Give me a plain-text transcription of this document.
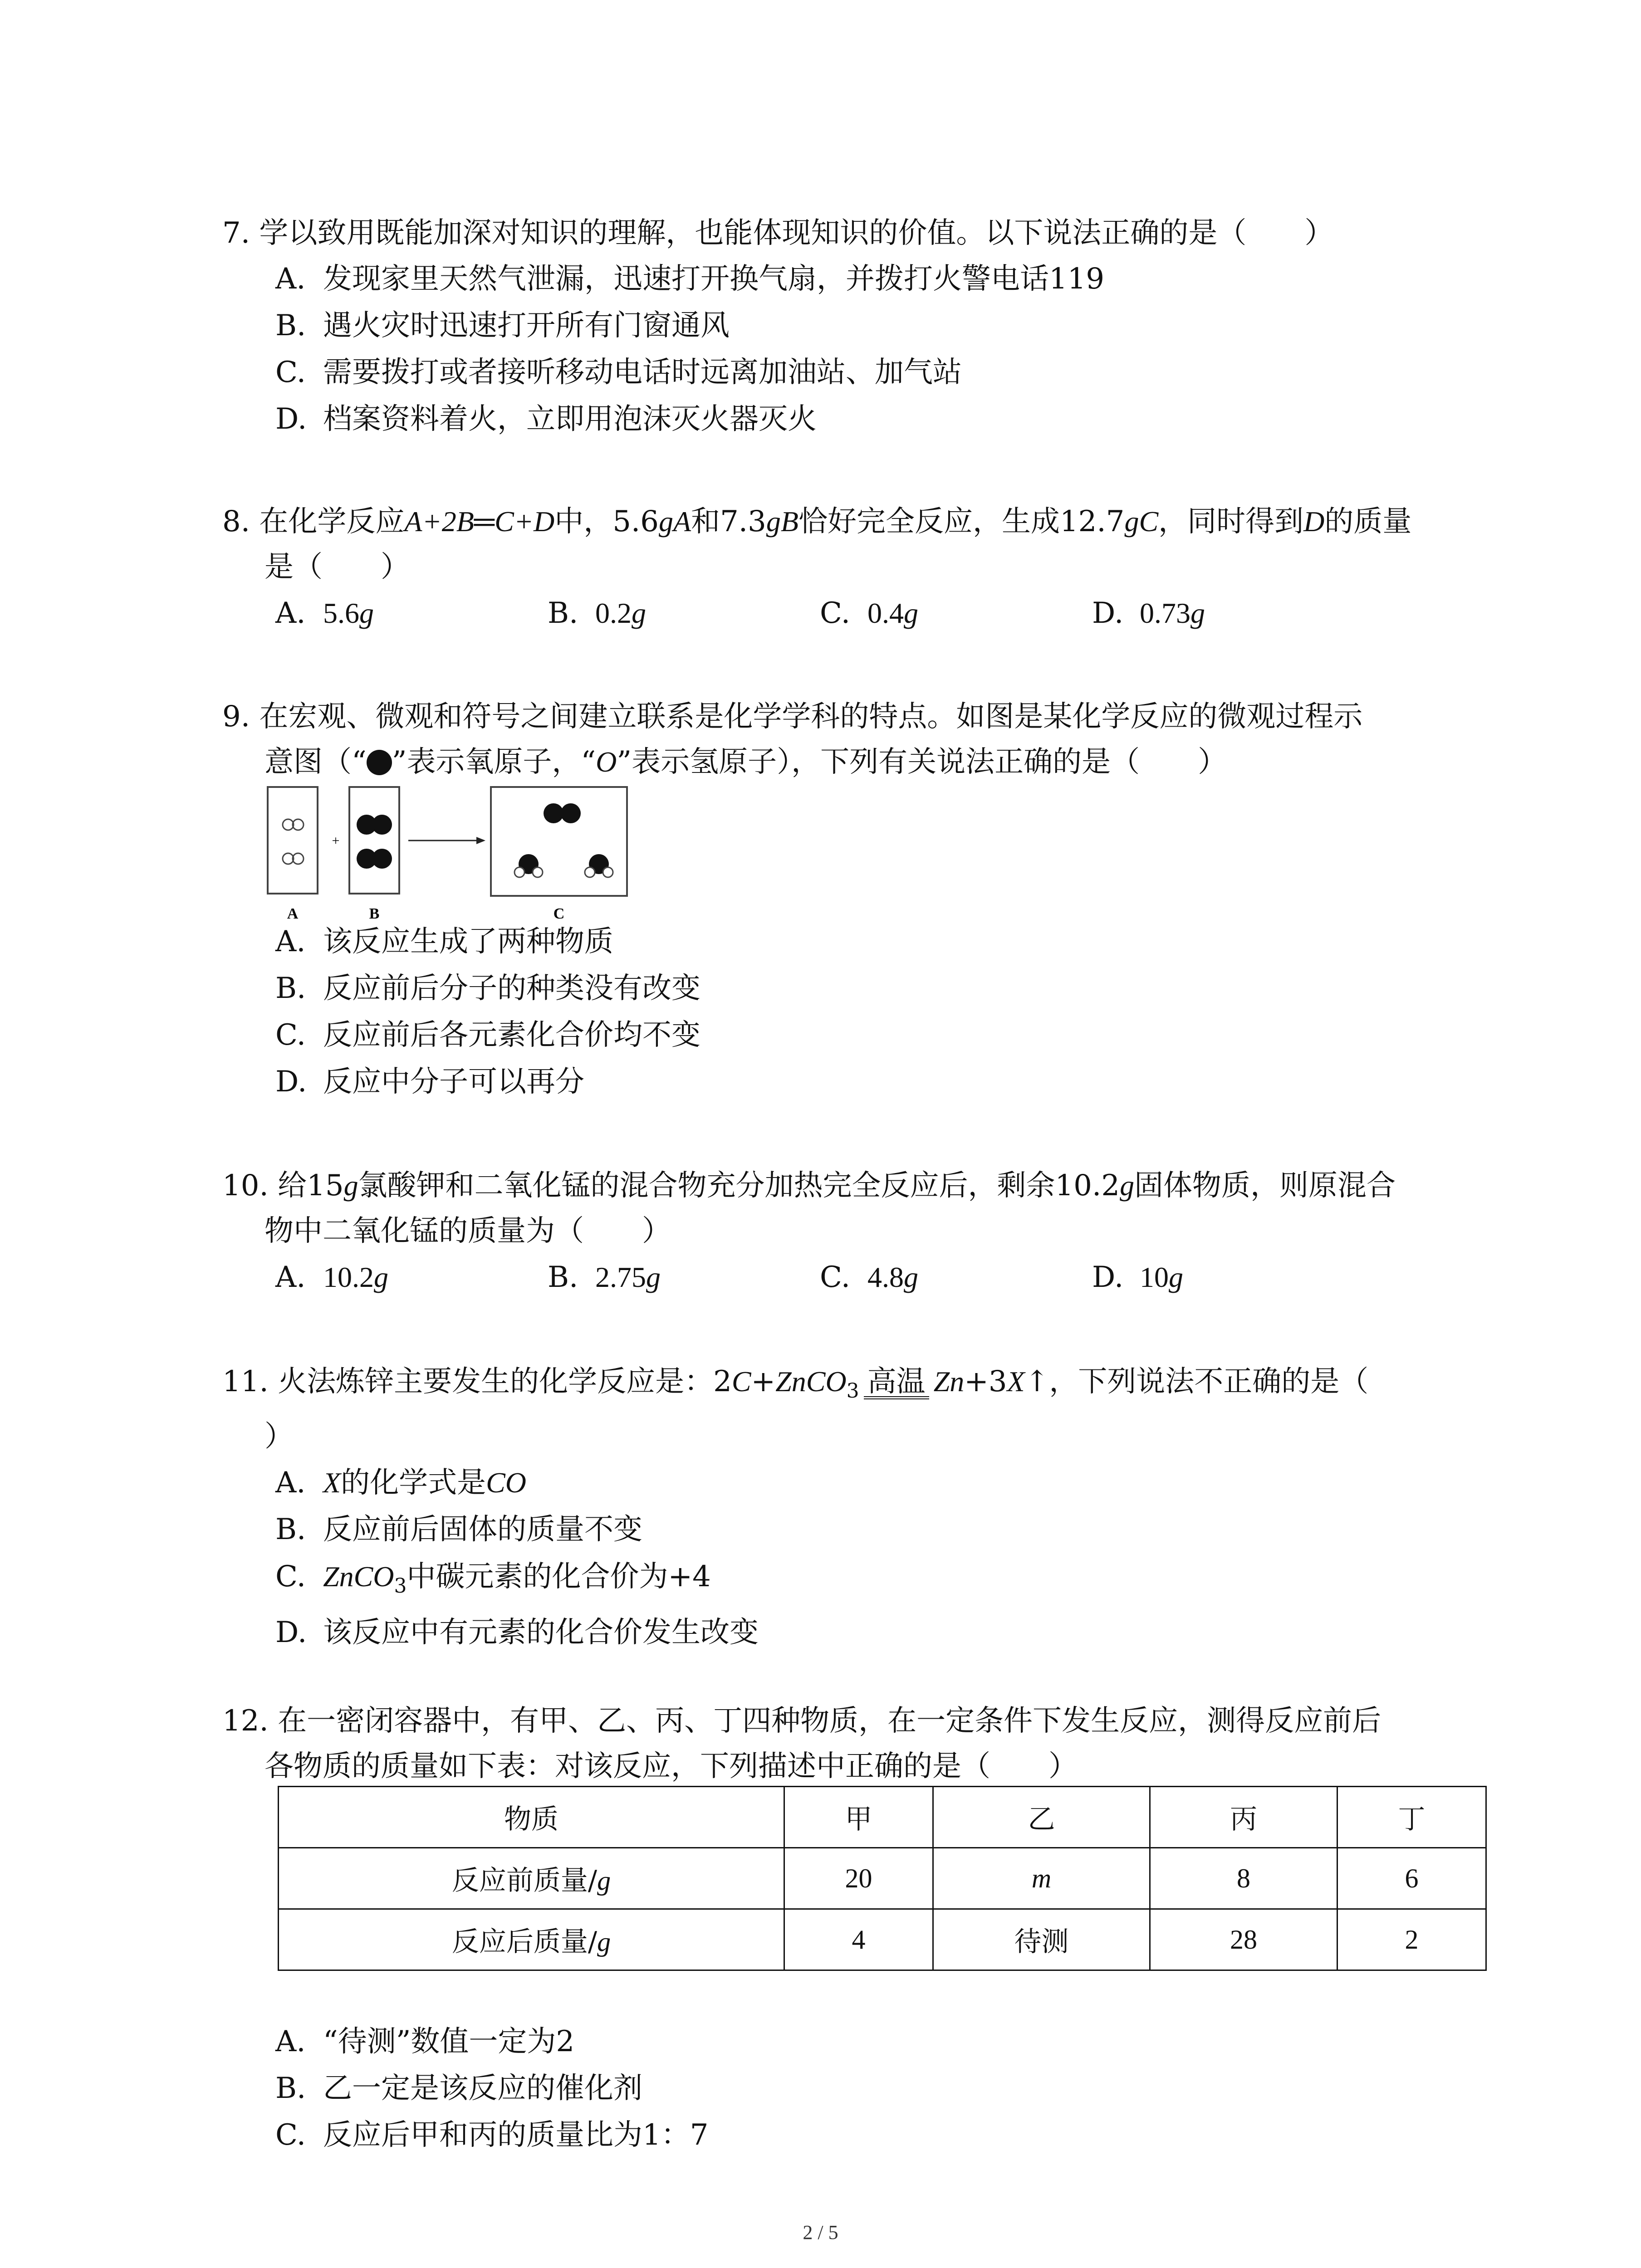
7. 学以致用既能加深对知识的理解，也能体现知识的价值。以下说法正确的是（　　）
A. 发现家里天然气泄漏，迅速打开换气扇，并拨打火警电话119
B. 遇火灾时迅速打开所有门窗通风
C. 需要拨打或者接听移动电话时远离加油站、加气站
D. 档案资料着火，立即用泡沫灭火器灭火
8. 在化学反应A+2B═C+D中，5.6gA和7.3gB恰好完全反应，生成12.7gC，同时得到D的质量
是（　　）
A. 5.6g	B. 0.2g	C. 0.4g	D. 0.73g
9. 在宏观、微观和符号之间建立联系是化学学科的特点。如图是某化学反应的微观过程示
意图（“ ”表示氧原子，“O”表示氢原子），下列有关说法正确的是（　　）
+
A	B	C
A. 该反应生成了两种物质
B. 反应前后分子的种类没有改变
C. 反应前后各元素化合价均不变
D. 反应中分子可以再分
10. 给15g氯酸钾和二氧化锰的混合物充分加热完全反应后，剩余10.2g固体物质，则原混合
物中二氧化锰的质量为（　　）
A. 10.2g	B. 2.75g	C. 4.8g	D. 10g
11. 火法炼锌主要发生的化学反应是：2C+ZnCO$_3$ 高温 Zn+3X↑，下列说法不正确的是（
）
A. X的化学式是CO
B. 反应前后固体的质量不变
C. ZnCO$_3$中碳元素的化合价为+4
D. 该反应中有元素的化合价发生改变
12. 在一密闭容器中，有甲、乙、丙、丁四种物质，在一定条件下发生反应，测得反应前后
各物质的质量如下表：对该反应，下列描述中正确的是（　　）
物质	甲	乙	丙	丁
反应前质量/g	20	m	8	6
反应后质量/g	4	待测	28	2
A. “待测”数值一定为2
B. 乙一定是该反应的催化剂
C. 反应后甲和丙的质量比为1：7
2 / 5
